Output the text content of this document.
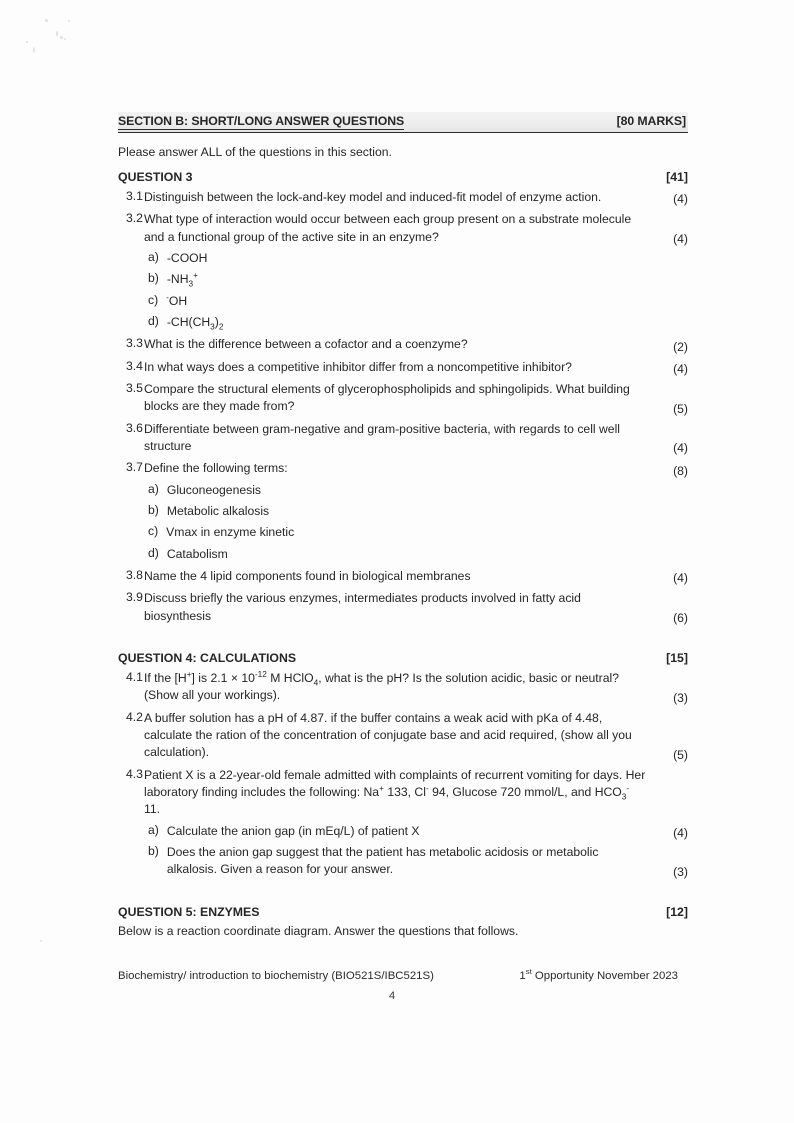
SECTION B: SHORT/LONG ANSWER QUESTIONS	[80 MARKS]
Please answer ALL of the questions in this section.
QUESTION 3	[41]
3.1 Distinguish between the lock-and-key model and induced-fit model of enzyme action.	(4)
3.2 What type of interaction would occur between each group present on a substrate molecule and a functional group of the active site in an enzyme?	(4)
a) -COOH
b) $-NH_3^+$
c) -OH
d) $-CH(CH_3)_2$
3.3 What is the difference between a cofactor and a coenzyme?	(2)
3.4 In what ways does a competitive inhibitor differ from a noncompetitive inhibitor?	(4)
3.5 Compare the structural elements of glycerophospholipids and sphingolipids. What building blocks are they made from?	(5)
3.6 Differentiate between gram-negative and gram-positive bacteria, with regards to cell well structure	(4)
3.7 Define the following terms:	(8)
a) Gluconeogenesis
b) Metabolic alkalosis
c) Vmax in enzyme kinetic
d) Catabolism
3.8 Name the 4 lipid components found in biological membranes	(4)
3.9 Discuss briefly the various enzymes, intermediates products involved in fatty acid biosynthesis	(6)
QUESTION 4: CALCULATIONS	[15]
4.1 If the [H+] is $2.1 \times 10^{-12}$ M HClO$_4$, what is the pH? Is the solution acidic, basic or neutral? (Show all your workings).	(3)
4.2 A buffer solution has a pH of 4.87. if the buffer contains a weak acid with pKa of 4.48, calculate the ration of the concentration of conjugate base and acid required, (show all you calculation).	(5)
4.3 Patient X is a 22-year-old female admitted with complaints of recurrent vomiting for days. Her laboratory finding includes the following: Na+ 133, Cl- 94, Glucose 720 mmol/L, and $HCO_3^-$ 11.
a) Calculate the anion gap (in mEq/L) of patient X	(4)
b) Does the anion gap suggest that the patient has metabolic acidosis or metabolic alkalosis. Given a reason for your answer.	(3)
QUESTION 5: ENZYMES	[12]
Below is a reaction coordinate diagram. Answer the questions that follows.
Biochemistry/ introduction to biochemistry (BIO521S/IBC521S)	1st Opportunity November 2023
4
